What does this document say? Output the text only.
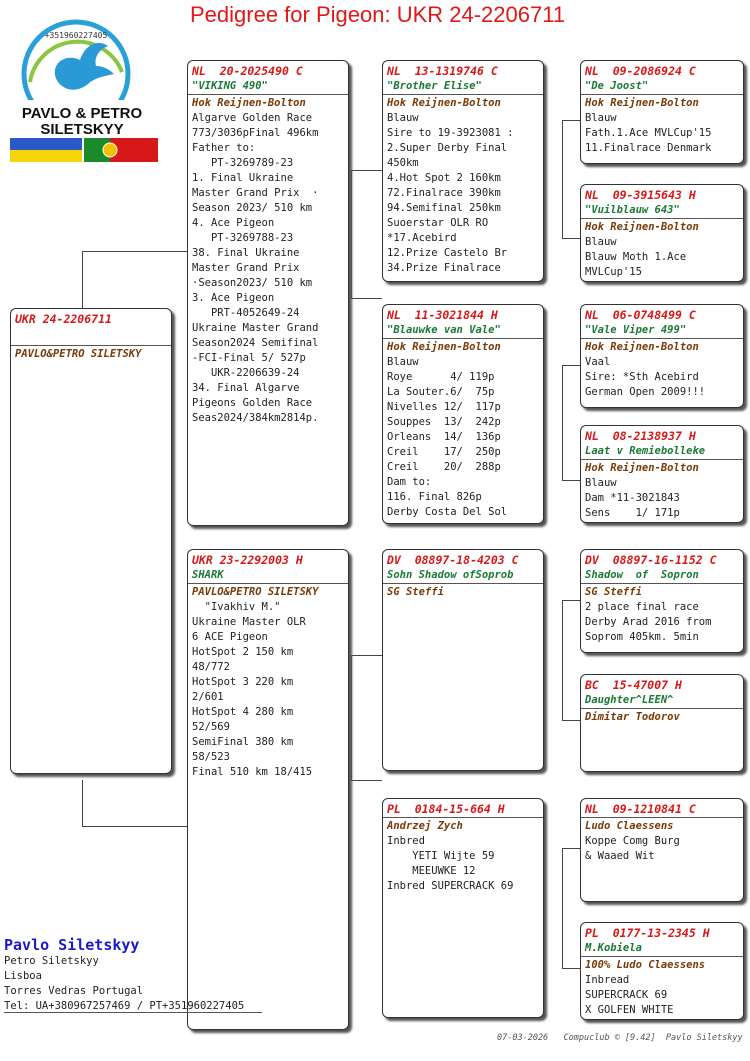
Pedigree for Pigeon: UKR 24-2206711
+351960227405
PAVLO & PETRO
SILETSKYY
UKR 24-2206711
PAVLO&PETRO SILETSKY
NL  20-2025490 C
"VIKING 490"
Hok Reijnen-Bolton
Algarve Golden Race
773/3036pFinal 496km
Father to:
PT-3269789-23
1. Final Ukraine
Master Grand Prix  ·
Season 2023/ 510 km
4. Ace Pigeon
PT-3269788-23
38. Final Ukraine
Master Grand Prix
·Season2023/ 510 km
3. Ace Pigeon
PRT-4052649-24
Ukraine Master Grand
Season2024 Semifinal
-FCI-Final 5/ 527p
UKR-2206639-24
34. Final Algarve
Pigeons Golden Race
Seas2024/384km2814p.
UKR 23-2292003 H
SHARK
PAVLO&PETRO SILETSKY
"Ivakhiv M."
Ukraine Master OLR
6 ACE Pigeon
HotSpot 2 150 km
48/772
HotSpot 3 220 km
2/601
HotSpot 4 280 km
52/569
SemiFinal 380 km
58/523
Final 510 km 18/415
NL  13-1319746 C
"Brother Elise"
Hok Reijnen-Bolton
Blauw
Sire to 19-3923081 :
2.Super Derby Final
450km
4.Hot Spot 2 160km
72.Finalrace 390km
94.Semifinal 250km
Suoerstar OLR RO
*17.Acebird
12.Prize Castelo Br
34.Prize Finalrace
NL  11-3021844 H
"Blauwke van Vale"
Hok Reijnen-Bolton
Blauw
Roye      4/ 119p
La Souter.6/  75p
Nivelles 12/  117p
Souppes  13/  242p
Orleans  14/  136p
Creil    17/  250p
Creil    20/  288p
Dam to:
116. Final 826p
Derby Costa Del Sol
DV  08897-18-4203 C
Sohn Shadow ofSoprob
SG Steffi
PL  0184-15-664 H
Andrzej Zych
Inbred
YETI Wijte 59
MEEUWKE 12
Inbred SUPERCRACK 69
NL  09-2086924 C
"De Joost"
Hok Reijnen-Bolton
Blauw
Fath.1.Ace MVLCup'15
11.Finalrace Denmark
NL  09-3915643 H
"Vuilblauw 643"
Hok Reijnen-Bolton
Blauw
Blauw Moth 1.Ace
MVLCup'15
NL  06-0748499 C
"Vale Viper 499"
Hok Reijnen-Bolton
Vaal
Sire: *Sth Acebird
German Open 2009!!!
NL  08-2138937 H
Laat v Remiebolleke
Hok Reijnen-Bolton
Blauw
Dam *11-3021843
Sens    1/ 171p
DV  08897-16-1152 C
Shadow  of  Sopron
SG Steffi
2 place final race
Derby Arad 2016 from
Soprom 405km. 5min
BC  15-47007 H
Daughter^LEEN^
Dimitar Todorov
NL  09-1210841 C
Ludo Claessens
Koppe Comg Burg
& Waaed Wit
PL  0177-13-2345 H
M.Kobiela
100% Ludo Claessens
Inbread
SUPERCRACK 69
X GOLFEN WHITE
Pavlo Siletskyy
Petro Siletskyy
Lisboa
Torres Vedras Portugal
Tel: UA+380967257469 / PT+351960227405
07-03-2026   Compuclub © [9.42]  Pavlo Siletskyy
